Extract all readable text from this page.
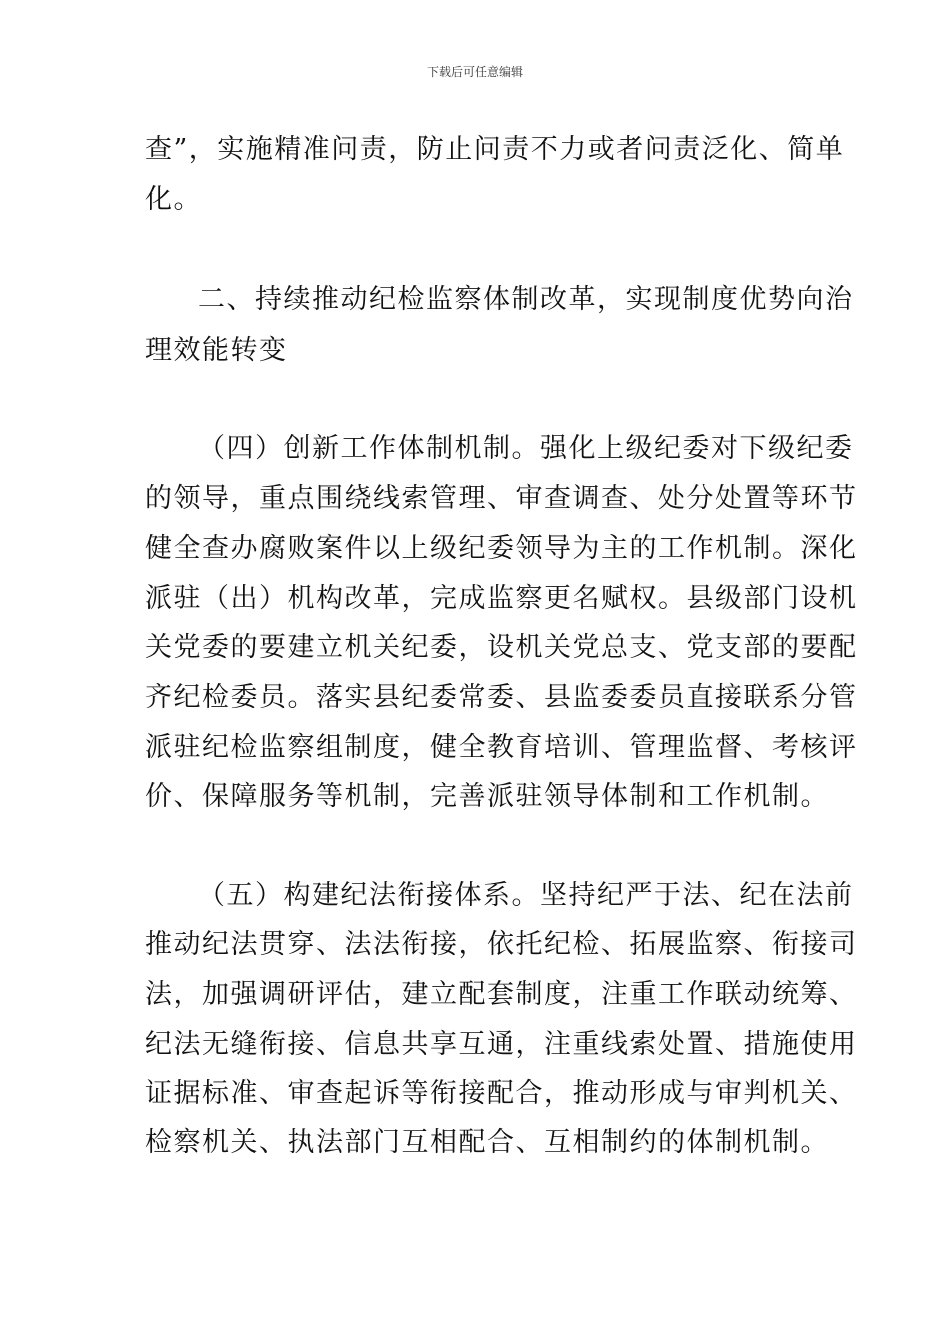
下载后可任意编辑
查”，实施精准问责，防止问责不力或者问责泛化、简单
化。
二、持续推动纪检监察体制改革，实现制度优势向治
理效能转变
（四）创新工作体制机制。强化上级纪委对下级纪委
的领导，重点围绕线索管理、审查调查、处分处置等环节
健全查办腐败案件以上级纪委领导为主的工作机制。深化
派驻（出）机构改革，完成监察更名赋权。县级部门设机
关党委的要建立机关纪委，设机关党总支、党支部的要配
齐纪检委员。落实县纪委常委、县监委委员直接联系分管
派驻纪检监察组制度，健全教育培训、管理监督、考核评
价、保障服务等机制，完善派驻领导体制和工作机制。
（五）构建纪法衔接体系。坚持纪严于法、纪在法前
推动纪法贯穿、法法衔接，依托纪检、拓展监察、衔接司
法，加强调研评估，建立配套制度，注重工作联动统筹、
纪法无缝衔接、信息共享互通，注重线索处置、措施使用
证据标准、审查起诉等衔接配合，推动形成与审判机关、
检察机关、执法部门互相配合、互相制约的体制机制。
